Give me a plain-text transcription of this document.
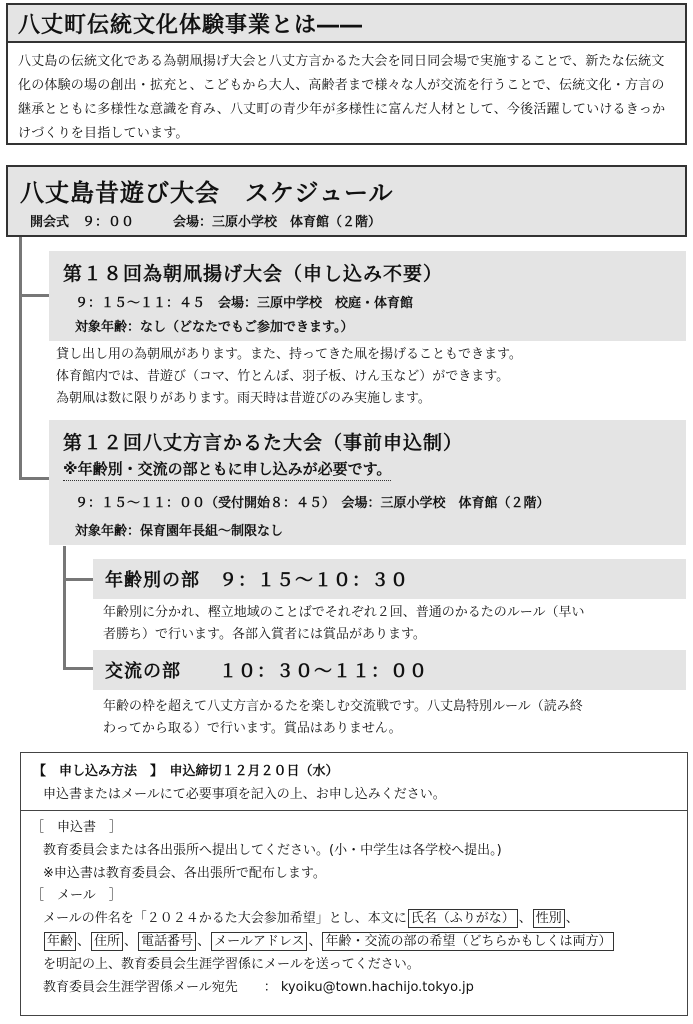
八丈町伝統文化体験事業とは――
八丈島の伝統文化である為朝凧揚げ大会と八丈方言かるた大会を同日同会場で実施することで、新たな伝統文化の体験の場の創出・拡充と、こどもから大人、高齢者まで様々な人が交流を行うことで、伝統文化・方言の継承とともに多様性な意識を育み、八丈町の青少年が多様性に富んだ人材として、今後活躍していけるきっかけづくりを目指しています。
八丈島昔遊び大会　スケジュール
開会式　９：００　　　会場：三原小学校　体育館（２階）
第１８回為朝凧揚げ大会（申し込み不要）
９：１５～１１：４５　会場：三原中学校　校庭・体育館
対象年齢：なし（どなたでもご参加できます。）
貸し出し用の為朝凧があります。また、持ってきた凧を揚げることもできます。
体育館内では、昔遊び（コマ、竹とんぼ、羽子板、けん玉など）ができます。
為朝凧は数に限りがあります。雨天時は昔遊びのみ実施します。
第１２回八丈方言かるた大会（事前申込制）
※年齢別・交流の部ともに申し込みが必要です。
９：１５～１１：００（受付開始８：４５）　会場：三原小学校　体育館（２階）
対象年齢：保育園年長組～制限なし
年齢別の部　９：１５～１０：３０
年齢別に分かれ、樫立地域のことばでそれぞれ２回、普通のかるたのルール（早い
者勝ち）で行います。各部入賞者には賞品があります。
交流の部　　１０：３０～１１：００
年齢の枠を超えて八丈方言かるたを楽しむ交流戦です。八丈島特別ルール（読み終
わってから取る）で行います。賞品はありません。
【　申し込み方法　】　申込締切１２月２０日（水）
申込書またはメールにて必要事項を記入の上、お申し込みください。
［　申込書　］
教育委員会または各出張所へ提出してください。(小・中学生は各学校へ提出。)
※申込書は教育委員会、各出張所で配布します。
［　メール　］
メールの件名を「２０２４かるた大会参加希望」とし、本文に 氏名（ふりがな） 、 性別 、
年齢 、 住所 、 電話番号 、 メールアドレス 、 年齢・交流の部の希望（どちらかもしくは両方）
を明記の上、教育委員会生涯学習係にメールを送ってください。
教育委員会生涯学習係メール宛先　　： kyoiku@town.hachijo.tokyo.jp
